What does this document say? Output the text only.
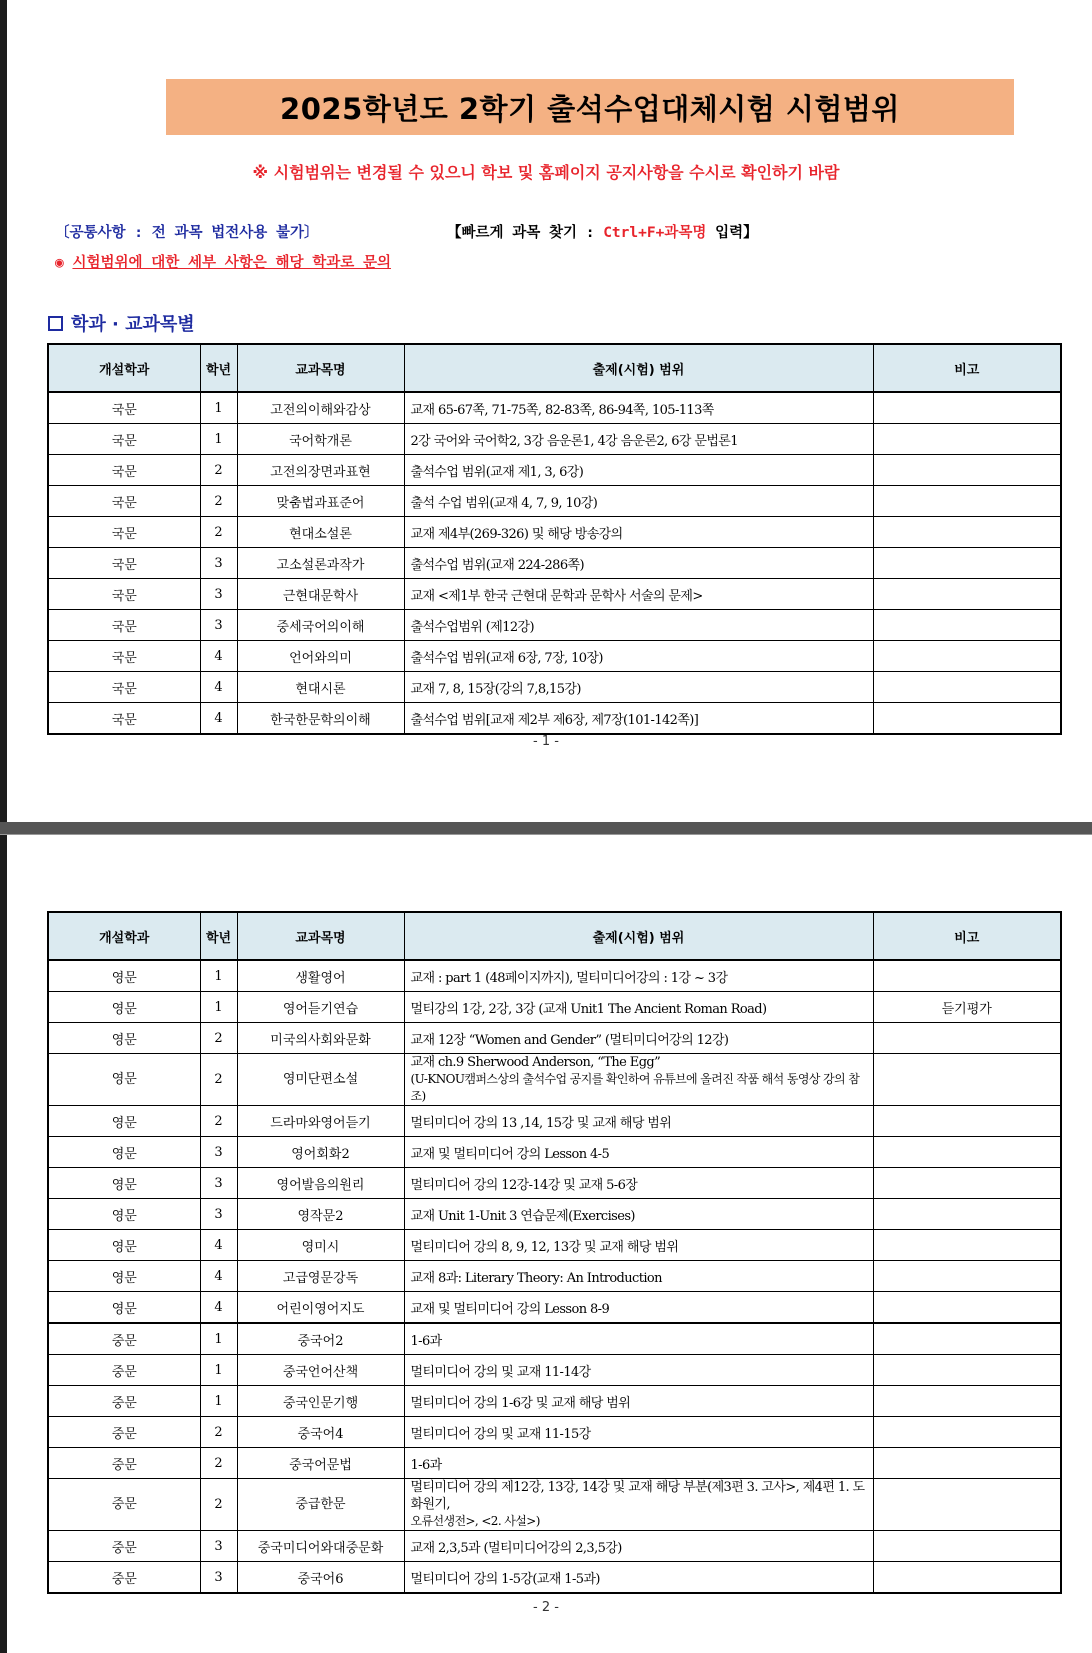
2025학년도 2학기 출석수업대체시험 시험범위
※ 시험범위는 변경될 수 있으니 학보 및 홈페이지 공지사항을 수시로 확인하기 바람
〔공통사항 : 전 과목 법전사용 불가〕	【빠르게 과목 찾기 : Ctrl+F+과목명 입력】
◉ 시험범위에 대한 세부 사항은 해당 학과로 문의
학과 · 교과목별
개설학과	학년	교과목명	출제(시험) 범위	비고
국문	1	고전의이해와감상	교재 65-67쪽, 71-75쪽, 82-83쪽, 86-94쪽, 105-113쪽	
국문	1	국어학개론	2강 국어와 국어학2, 3강 음운론1, 4강 음운론2, 6강 문법론1	
국문	2	고전의장면과표현	출석수업 범위(교재 제1, 3, 6강)	
국문	2	맞춤법과표준어	출석 수업 범위(교재 4, 7, 9, 10강)	
국문	2	현대소설론	교재 제4부(269-326) 및 해당 방송강의	
국문	3	고소설론과작가	출석수업 범위(교재 224-286쪽)	
국문	3	근현대문학사	교재 <제1부 한국 근현대 문학과 문학사 서술의 문제>	
국문	3	중세국어의이해	출석수업범위 (제12강)	
국문	4	언어와의미	출석수업 범위(교재 6장, 7장, 10장)	
국문	4	현대시론	교재 7, 8, 15장(강의 7,8,15강)	
국문	4	한국한문학의이해	출석수업 범위[교재 제2부 제6장, 제7장(101-142쪽)]	
- 1 -
개설학과	학년	교과목명	출제(시험) 범위	비고
영문	1	생활영어	교재 : part 1 (48페이지까지), 멀티미디어강의 : 1강 ~ 3강	
영문	1	영어듣기연습	멀티강의 1강, 2강, 3강 (교재 Unit1 The Ancient Roman Road)	듣기평가
영문	2	미국의사회와문화	교재 12장 “Women and Gender” (멀티미디어강의 12강)	
영문	2	영미단편소설	교재 ch.9 Sherwood Anderson, “The Egg”
(U-KNOU캠퍼스상의 출석수업 공지를 확인하여 유튜브에 올려진 작품 해석 동영상 강의 참조)	

영문	2	드라마와영어듣기	멀티미디어 강의 13 ,14, 15강 및 교재 해당 범위	
영문	3	영어회화2	교재 및 멀티미디어 강의 Lesson 4-5	
영문	3	영어발음의원리	멀티미디어 강의 12강-14강 및 교재 5-6장	
영문	3	영작문2	교재 Unit 1-Unit 3 연습문제(Exercises)	
영문	4	영미시	멀티미디어 강의 8, 9, 12, 13강 및 교재 해당 범위	
영문	4	고급영문강독	교재 8과: Literary Theory: An Introduction	
영문	4	어린이영어지도	교재 및 멀티미디어 강의 Lesson 8-9	
중문	1	중국어2	1-6과	
중문	1	중국언어산책	멀티미디어 강의 및 교재 11-14강	
중문	1	중국인문기행	멀티미디어 강의 1-6강 및 교재 해당 범위	
중문	2	중국어4	멀티미디어 강의 및 교재 11-15강	
중문	2	중국어문법	1-6과	
중문	2	중급한문	멀티미디어 강의 제12강, 13강, 14강 및 교재 해당 부분(제3편 3. 고사>, 제4편 1. 도화원기,
오류선생전>, <2. 사설>)	

중문	3	중국미디어와대중문화	교재 2,3,5과 (멀티미디어강의 2,3,5강)	
중문	3	중국어6	멀티미디어 강의 1-5강(교재 1-5과)	
- 2 -
